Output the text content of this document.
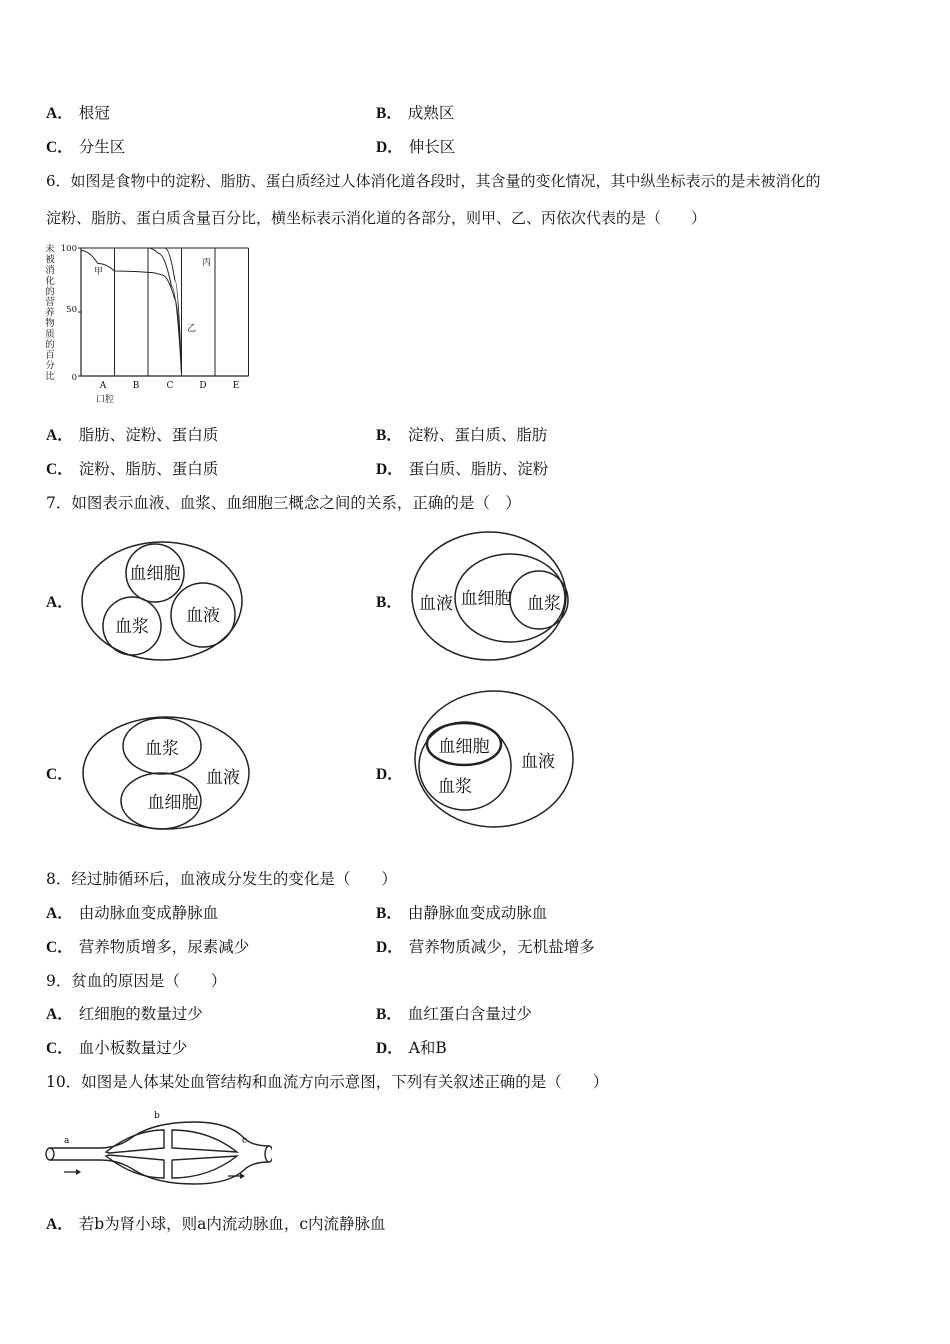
A． 根冠	B． 成熟区
C． 分生区	D． 伸长区
6．如图是食物中的淀粉、脂肪、蛋白质经过人体消化道各段时，其含量的变化情况，其中纵坐标表示的是未被消化的
淀粉、脂肪、蛋白质含量百分比，横坐标表示消化道的各部分，则甲、乙、丙依次代表的是（　　）
未被消化的营养物质的百分比
100
50
0
A	B	C	D	E
口腔
甲
乙
丙
A． 脂肪、淀粉、蛋白质	B． 淀粉、蛋白质、脂肪
C． 淀粉、脂肪、蛋白质	D． 蛋白质、脂肪、淀粉
7．如图表示血液、血浆、血细胞三概念之间的关系，正确的是（　）
A．
血细胞
血浆
血液
B． 血液 血细胞 血浆
C．
血浆
血液
血细胞
D．
血细胞
血浆
血液
8．经过肺循环后，血液成分发生的变化是（　　）
A． 由动脉血变成静脉血	B． 由静脉血变成动脉血
C． 营养物质增多，尿素减少	D． 营养物质减少，无机盐增多
9．贫血的原因是（　　）
A． 红细胞的数量过少	B． 血红蛋白含量过少
C． 血小板数量过少	D． A和B
10．如图是人体某处血管结构和血流方向示意图，下列有关叙述正确的是（　　）
a
b
c
A． 若b为肾小球，则a内流动脉血，c内流静脉血
